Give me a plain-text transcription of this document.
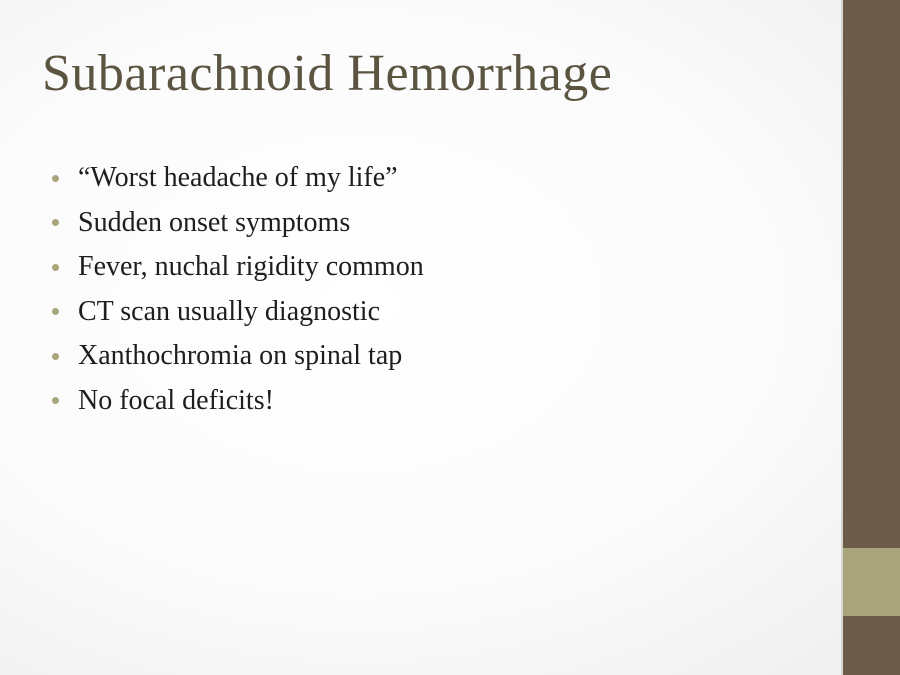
Subarachnoid Hemorrhage
“Worst headache of my life”
Sudden onset symptoms
Fever, nuchal rigidity common
CT scan usually diagnostic
Xanthochromia on spinal tap
No focal deficits!
